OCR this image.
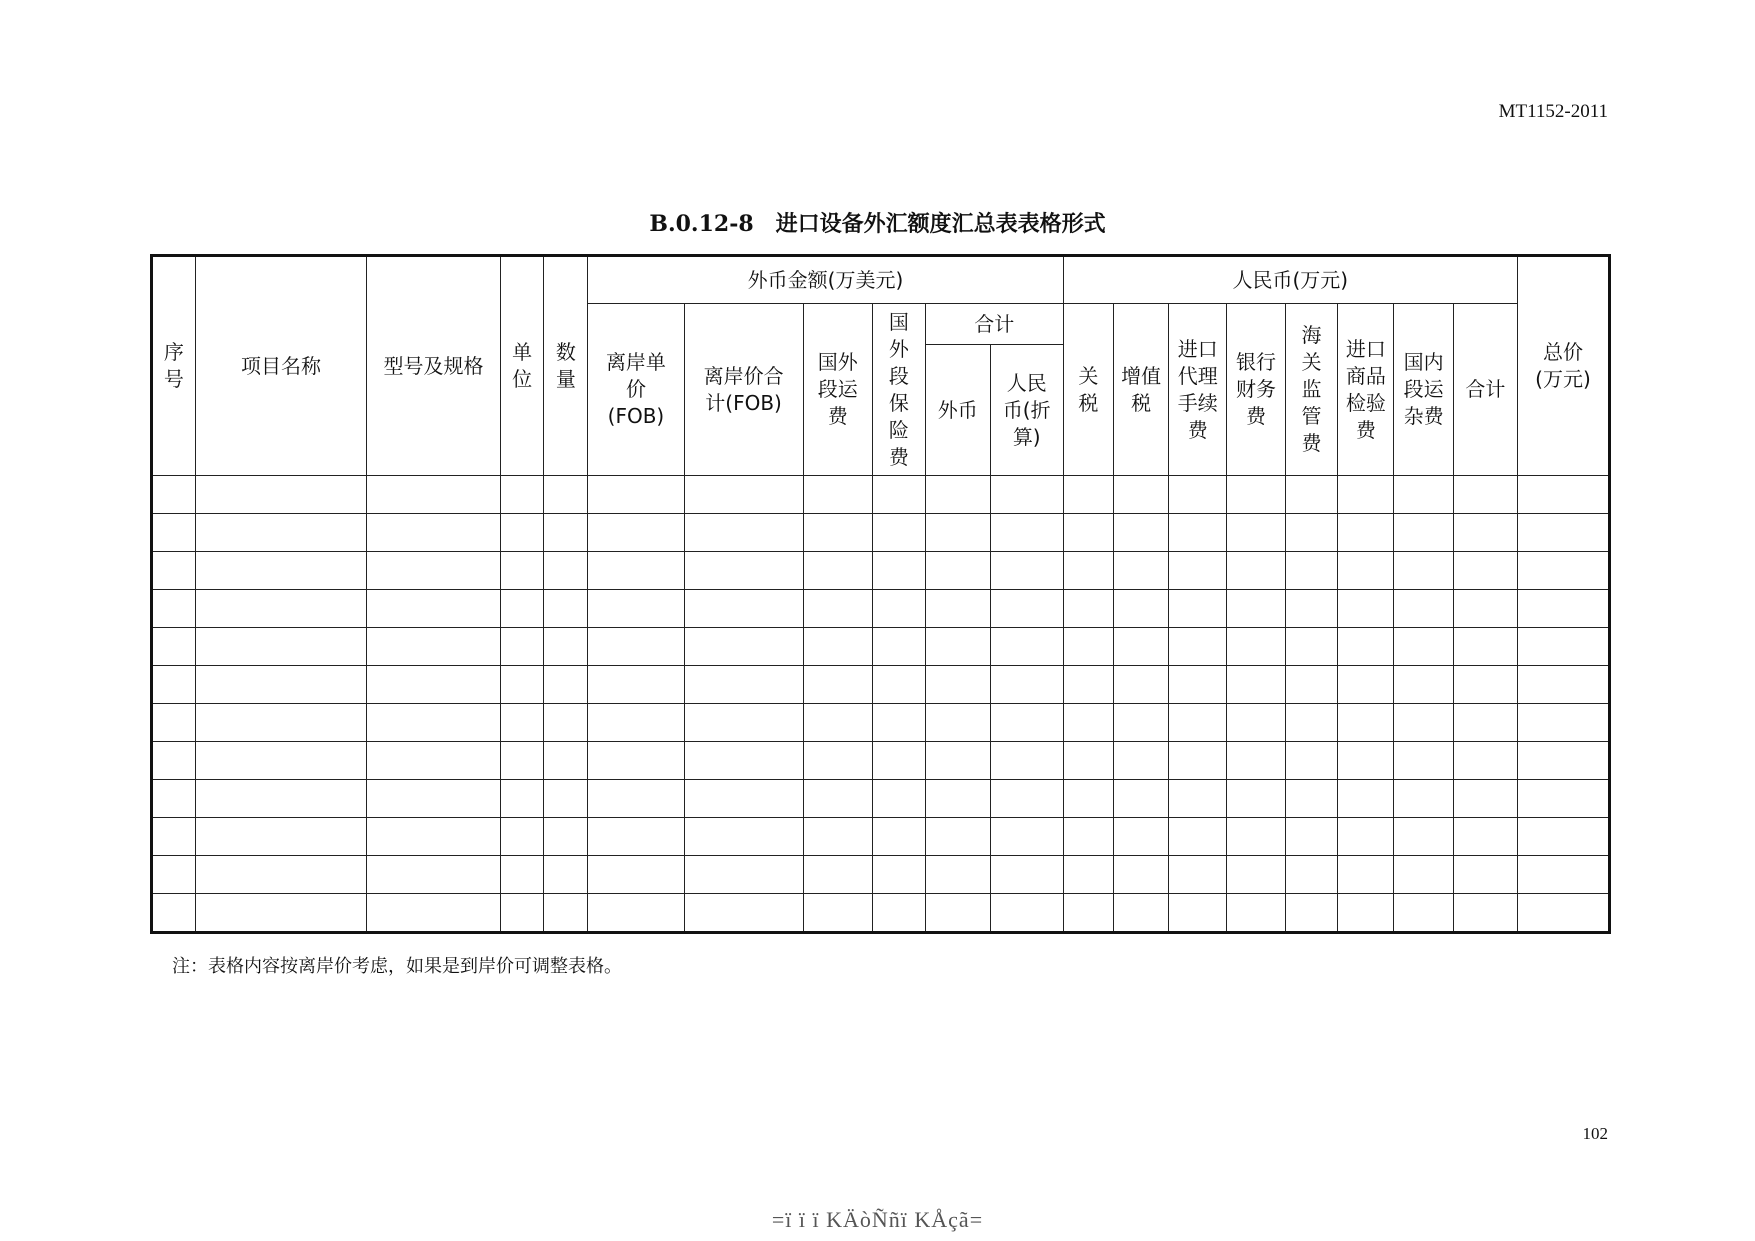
MT1152-2011
B.0.12-8　进口设备外汇额度汇总表表格形式
序号	项目名称	型号及规格	单位	数量	外币金额(万美元)						人民币(万元)								总价(万元)
					离岸单价(FOB)	离岸价合计(FOB)	国外段运费	国外段保险费	合计		关税	增值税	进口代理手续费	银行财务费	海关监管费	进口商品检验费	国内段运杂费	合计	
									外币	人民币(折算)									

注：表格内容按离岸价考虑，如果是到岸价可调整表格。
102
=ï ï ï KÄòÑñï KÅçã=
